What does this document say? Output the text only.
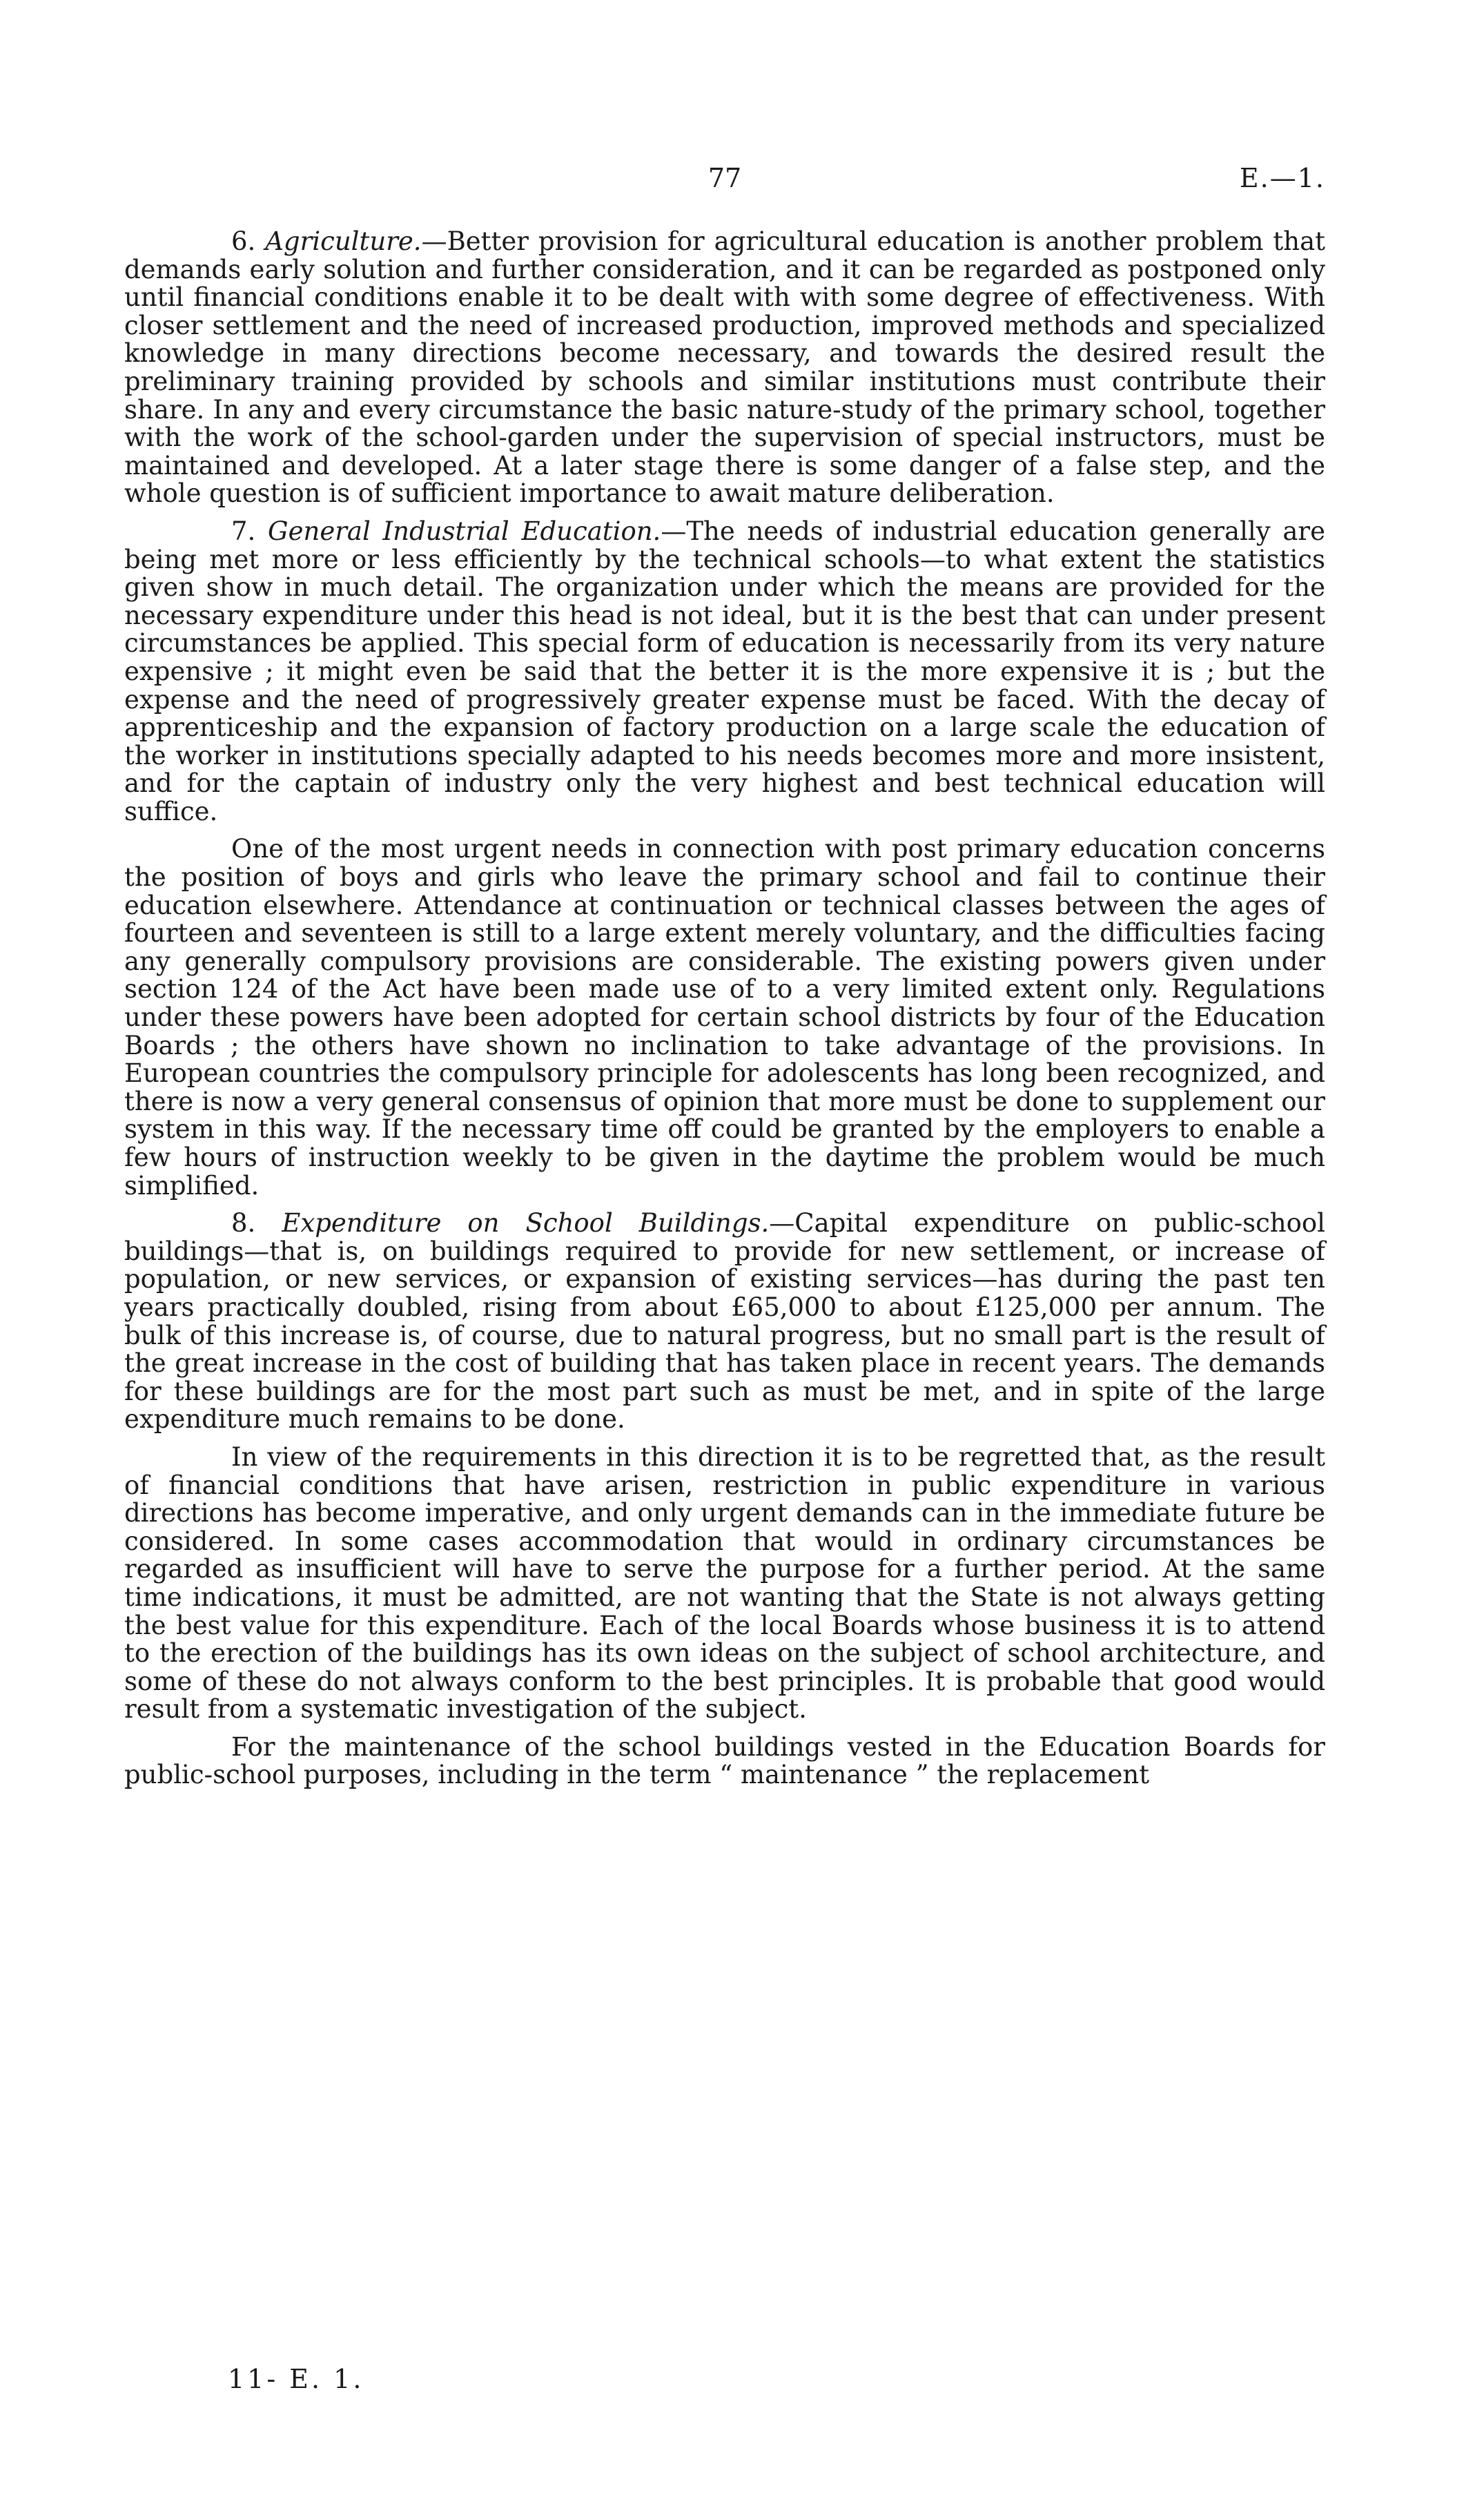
77	E.—1.

6. Agriculture.—Better provision for agricultural education is another problem that demands early solution and further consideration, and it can be regarded as postponed only until financial conditions enable it to be dealt with with some degree of effectiveness. With closer settlement and the need of increased production, improved methods and specialized knowledge in many directions become necessary, and towards the desired result the preliminary training provided by schools and similar institutions must contribute their share. In any and every circumstance the basic nature-study of the primary school, together with the work of the school-garden under the supervision of special instructors, must be maintained and developed. At a later stage there is some danger of a false step, and the whole question is of sufficient importance to await mature deliberation.

7. General Industrial Education.—The needs of industrial education generally are being met more or less efficiently by the technical schools—to what extent the statistics given show in much detail. The organization under which the means are provided for the necessary expenditure under this head is not ideal, but it is the best that can under present circumstances be applied. This special form of education is necessarily from its very nature expensive ; it might even be said that the better it is the more expensive it is ; but the expense and the need of progressively greater expense must be faced. With the decay of apprenticeship and the expansion of factory production on a large scale the education of the worker in institutions specially adapted to his needs becomes more and more insistent, and for the captain of industry only the very highest and best technical education will suffice.

One of the most urgent needs in connection with post primary education concerns the position of boys and girls who leave the primary school and fail to continue their education elsewhere. Attendance at continuation or technical classes between the ages of fourteen and seventeen is still to a large extent merely voluntary, and the difficulties facing any generally compulsory provisions are considerable. The existing powers given under section 124 of the Act have been made use of to a very limited extent only. Regulations under these powers have been adopted for certain school districts by four of the Education Boards ; the others have shown no inclination to take advantage of the provisions. In European countries the compulsory principle for adolescents has long been recognized, and there is now a very general consensus of opinion that more must be done to supplement our system in this way. If the necessary time off could be granted by the employers to enable a few hours of instruction weekly to be given in the daytime the problem would be much simplified.

8. Expenditure on School Buildings.—Capital expenditure on public-school buildings—that is, on buildings required to provide for new settlement, or increase of population, or new services, or expansion of existing services—has during the past ten years practically doubled, rising from about £65,000 to about £125,000 per annum. The bulk of this increase is, of course, due to natural progress, but no small part is the result of the great increase in the cost of building that has taken place in recent years. The demands for these buildings are for the most part such as must be met, and in spite of the large expenditure much remains to be done.

In view of the requirements in this direction it is to be regretted that, as the result of financial conditions that have arisen, restriction in public expenditure in various directions has become imperative, and only urgent demands can in the immediate future be considered. In some cases accommodation that would in ordinary circumstances be regarded as insufficient will have to serve the purpose for a further period. At the same time indications, it must be admitted, are not wanting that the State is not always getting the best value for this expenditure. Each of the local Boards whose business it is to attend to the erection of the buildings has its own ideas on the subject of school architecture, and some of these do not always conform to the best principles. It is probable that good would result from a systematic investigation of the subject.

For the maintenance of the school buildings vested in the Education Boards for public-school purposes, including in the term “ maintenance ” the replacement

11- E. 1.
